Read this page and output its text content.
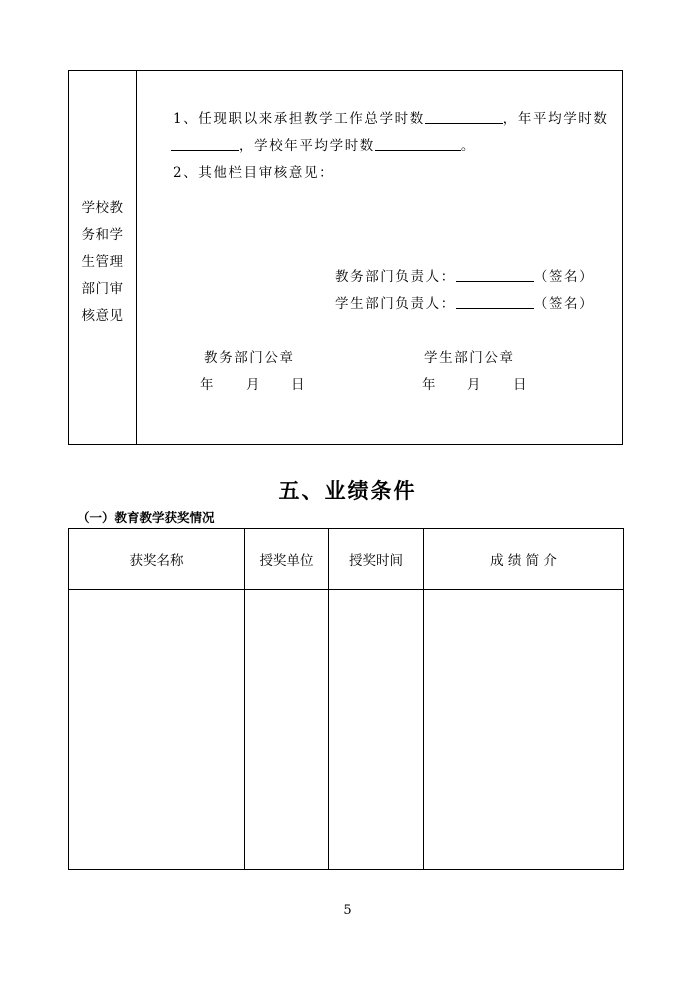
学校教
务和学
生管理
部门审
核意见
1、任现职以来承担教学工作总学时数	，年平均学时数
，学校年平均学时数	。
2、其他栏目审核意见：
教务部门负责人：	（签名）
学生部门负责人：	（签名）
教务部门公章	学生部门公章
年 月 日	年 月 日
五、业绩条件
（一）教育教学获奖情况
获奖名称	授奖单位	授奖时间	成 绩 简 介

5
